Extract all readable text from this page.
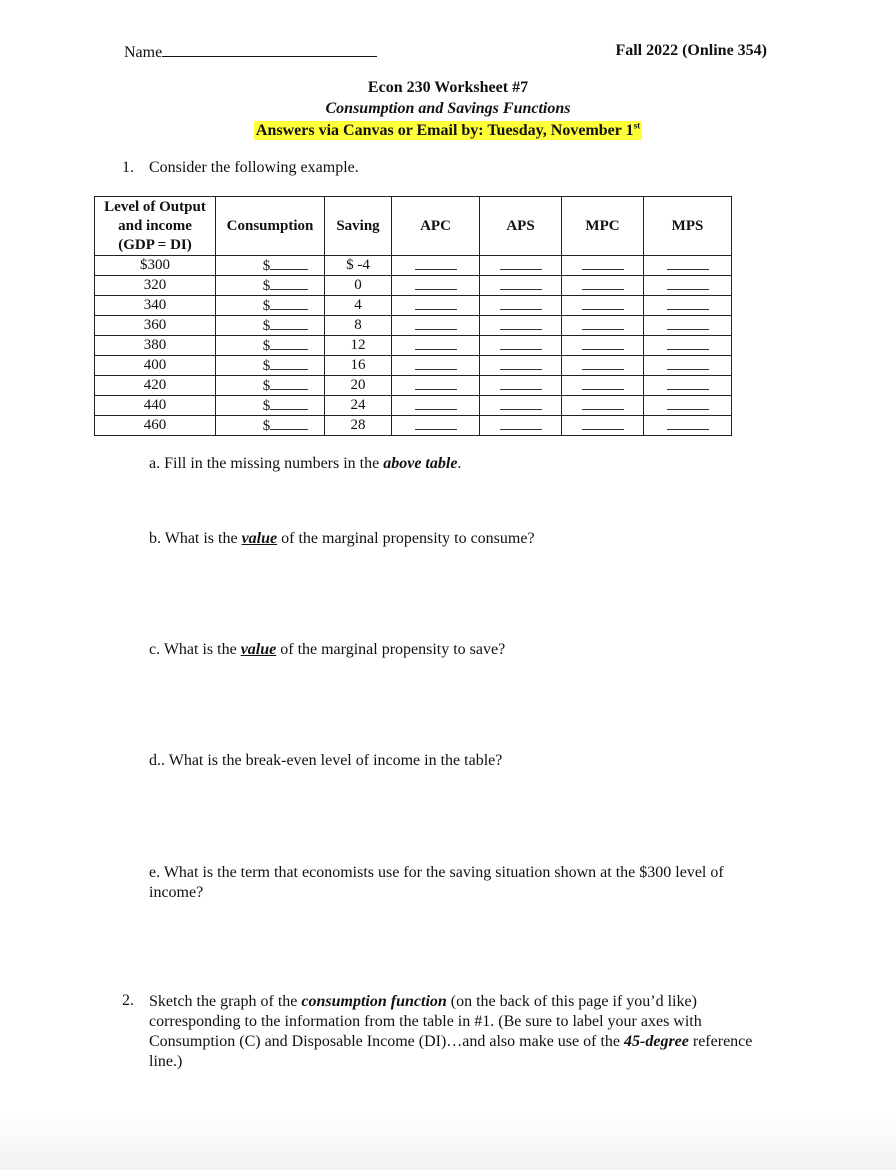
Name	Fall 2022 (Online 354)
Econ 230 Worksheet #7
Consumption and Savings Functions
Answers via Canvas or Email by: Tuesday, November 1st
1. Consider the following example.
Level of Output
and income
(GDP = DI)	Consumption	Saving	APC	APS	MPC	MPS
$300	$	$ -4				
320	$	0				
340	$	4				
360	$	8				
380	$	12				
400	$	16				
420	$	20				
440	$	24				
460	$	28				
a. Fill in the missing numbers in the above table.
b. What is the value of the marginal propensity to consume?
c. What is the value of the marginal propensity to save?
d.. What is the break-even level of income in the table?
e. What is the term that economists use for the saving situation shown at the $300 level of income?
2. Sketch the graph of the consumption function (on the back of this page if you’d like) corresponding to the information from the table in #1. (Be sure to label your axes with Consumption (C) and Disposable Income (DI)…and also make use of the 45-degree reference line.)
